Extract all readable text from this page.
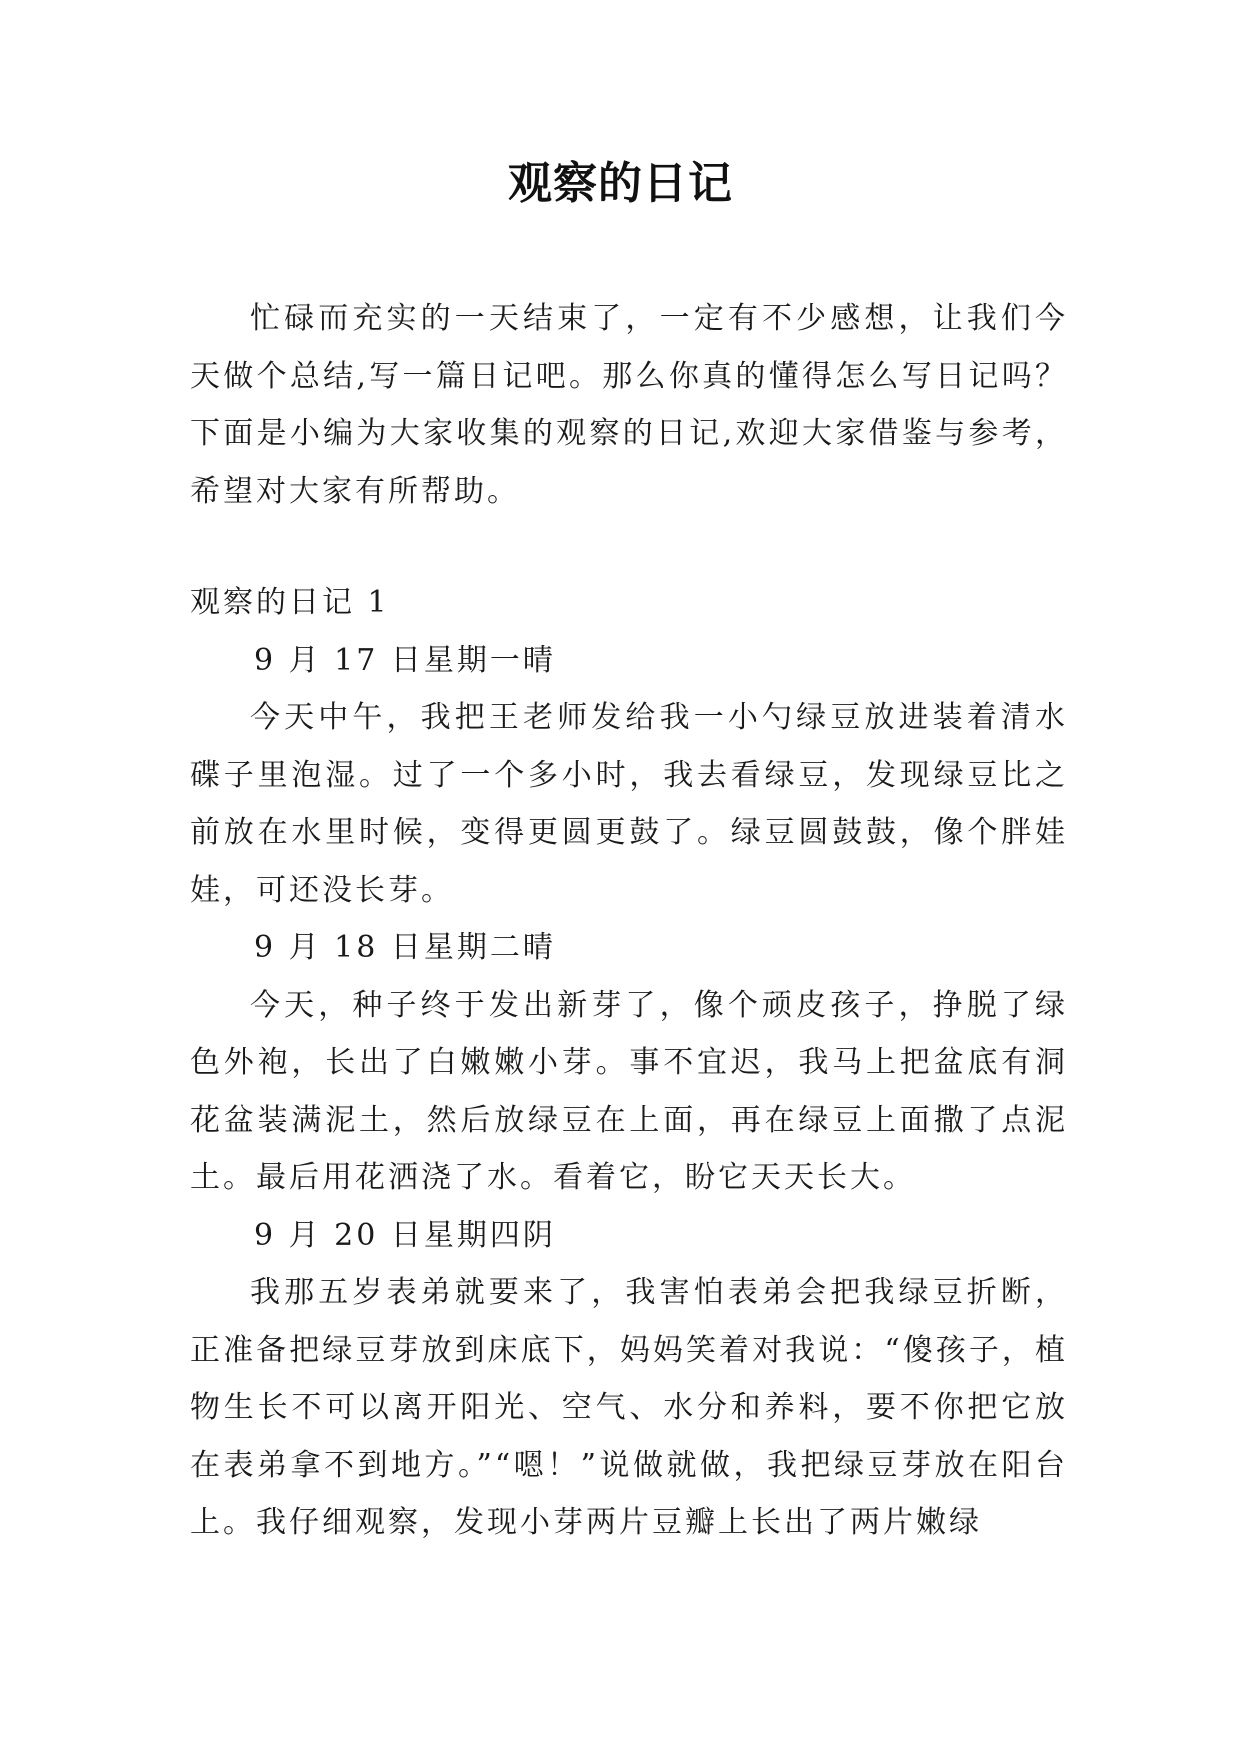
观察的日记

忙碌而充实的一天结束了，一定有不少感想，让我们今天做个总结,写一篇日记吧。那么你真的懂得怎么写日记吗？下面是小编为大家收集的观察的日记,欢迎大家借鉴与参考，希望对大家有所帮助。

观察的日记 1

9 月 17 日星期一晴

今天中午，我把王老师发给我一小勺绿豆放进装着清水碟子里泡湿。过了一个多小时，我去看绿豆，发现绿豆比之前放在水里时候，变得更圆更鼓了。绿豆圆鼓鼓，像个胖娃娃，可还没长芽。

9 月 18 日星期二晴

今天，种子终于发出新芽了，像个顽皮孩子，挣脱了绿色外袍，长出了白嫩嫩小芽。事不宜迟，我马上把盆底有洞花盆装满泥土，然后放绿豆在上面，再在绿豆上面撒了点泥土。最后用花洒浇了水。看着它，盼它天天长大。

9 月 20 日星期四阴

我那五岁表弟就要来了，我害怕表弟会把我绿豆折断，正准备把绿豆芽放到床底下，妈妈笑着对我说：“傻孩子，植物生长不可以离开阳光、空气、水分和养料，要不你把它放在表弟拿不到地方。”“嗯！”说做就做，我把绿豆芽放在阳台上。我仔细观察，发现小芽两片豆瓣上长出了两片嫩绿
